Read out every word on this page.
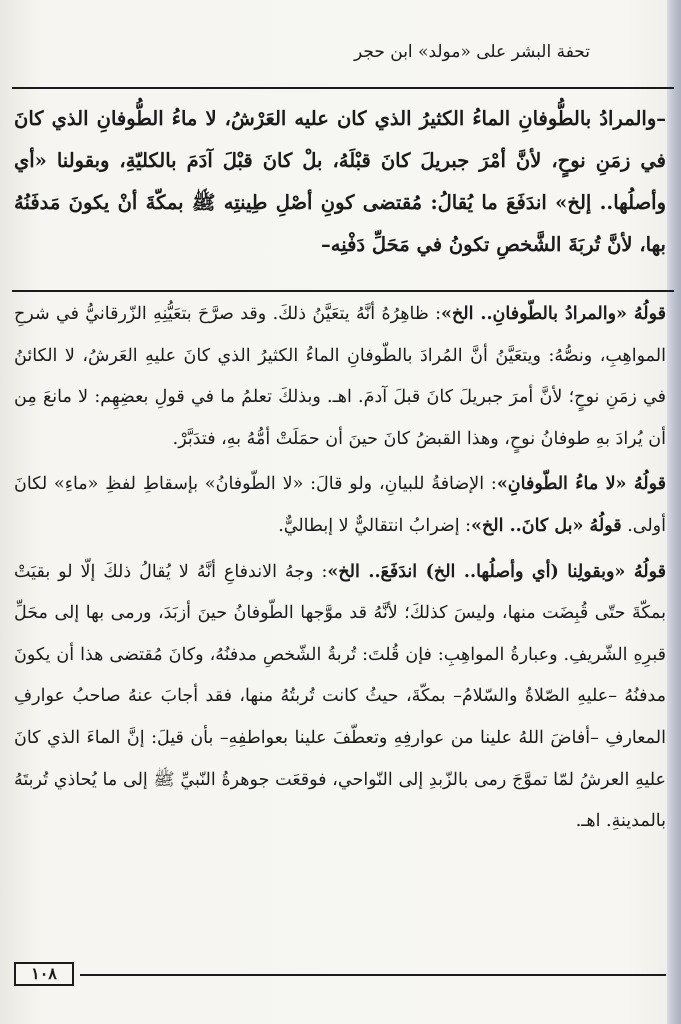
تحفة البشر على «مولد» ابن حجر

–والمرادُ بالطُّوفانِ الماءُ الكثيرُ الذي كان عليه العَرْشُ، لا ماءُ الطُّوفانِ الذي كانَ في زمَنِ نوحٍ، لأنَّ أمْرَ جبريلَ كانَ قبْلَهُ، بلْ كانَ قبْلَ آدَمَ بالكليّةِ، وبقولنا «أي وأصلُها.. إلخ» اندَفَعَ ما يُقالُ: مُقتضى كونِ أصْلِ طِينتِه ﷺ بمكّةَ أنْ يكونَ مَدفَنُهُ بها، لأنَّ تُربَةَ الشَّخصِ تكونُ في مَحَلِّ دَفْنِه–

قولُهُ «والمرادُ بالطّوفانِ.. الخ»: ظاهِرُهُ أنَّهُ يتعَيَّنُ ذلكَ. وقد صرَّحَ بتعَيُّنِهِ الزّرقانيُّ في شرحِ المواهِبِ، ونصُّهُ: ويتعَيَّنُ أنَّ المُرادَ بالطّوفانِ الماءُ الكثيرُ الذي كانَ عليهِ العَرشُ، لا الكائنُ في زمَنِ نوحٍ؛ لأنَّ أمرَ جبريلَ كانَ قبلَ آدمَ. اهـ. وبذلكَ تعلمُ ما في قولِ بعضِهِم: لا مانعَ مِن أن يُرادَ بهِ طوفانُ نوحٍ، وهذا القبضُ كانَ حينَ أن حمَلَتْ أمُّهُ بهِ، فتدَبَّرْ.

قولُهُ «لا ماءُ الطّوفانِ»: الإضافةُ للبيانِ، ولو قالَ: «لا الطّوفانُ» بإسقاطِ لفظِ «ماءِ» لكانَ أولى. قولُهُ «بل كانَ.. الخ»: إضرابُ انتقاليٌّ لا إبطاليٌّ.

قولُهُ «وبقولِنا (أي وأصلُها.. الخ) اندَفَعَ.. الخ»: وجهُ الاندفاعِ أنَّهُ لا يُقالُ ذلكَ إلّا لو بقيَتْ بمكّةَ حتّى قُبِضَت منها، وليسَ كذلكَ؛ لأنَّهُ قد موَّجها الطّوفانُ حينَ أزبَدَ، ورمى بها إلى محَلِّ قبرِهِ الشّريفِ. وعبارةُ المواهِبِ: فإن قُلتَ: تُربةُ الشّخصِ مدفنُهُ، وكانَ مُقتضى هذا أن يكونَ مدفنُهُ –عليهِ الصّلاةُ والسّلامُ– بمكّةَ، حيثُ كانت تُربتُهُ منها، فقد أجابَ عنهُ صاحبُ عوارفِ المعارفِ –أفاضَ اللهُ علينا من عوارفِهِ وتعطّفَ علينا بعواطفِهِ– بأن قيلَ: إنَّ الماءَ الذي كانَ عليهِ العرشُ لمّا تموَّجَ رمى بالزّبدِ إلى النّواحي، فوقعَت جوهرةُ النّبيِّ ﷺ إلى ما يُحاذي تُربتَهُ بالمدينةِ. اهـ.

١٠٨
